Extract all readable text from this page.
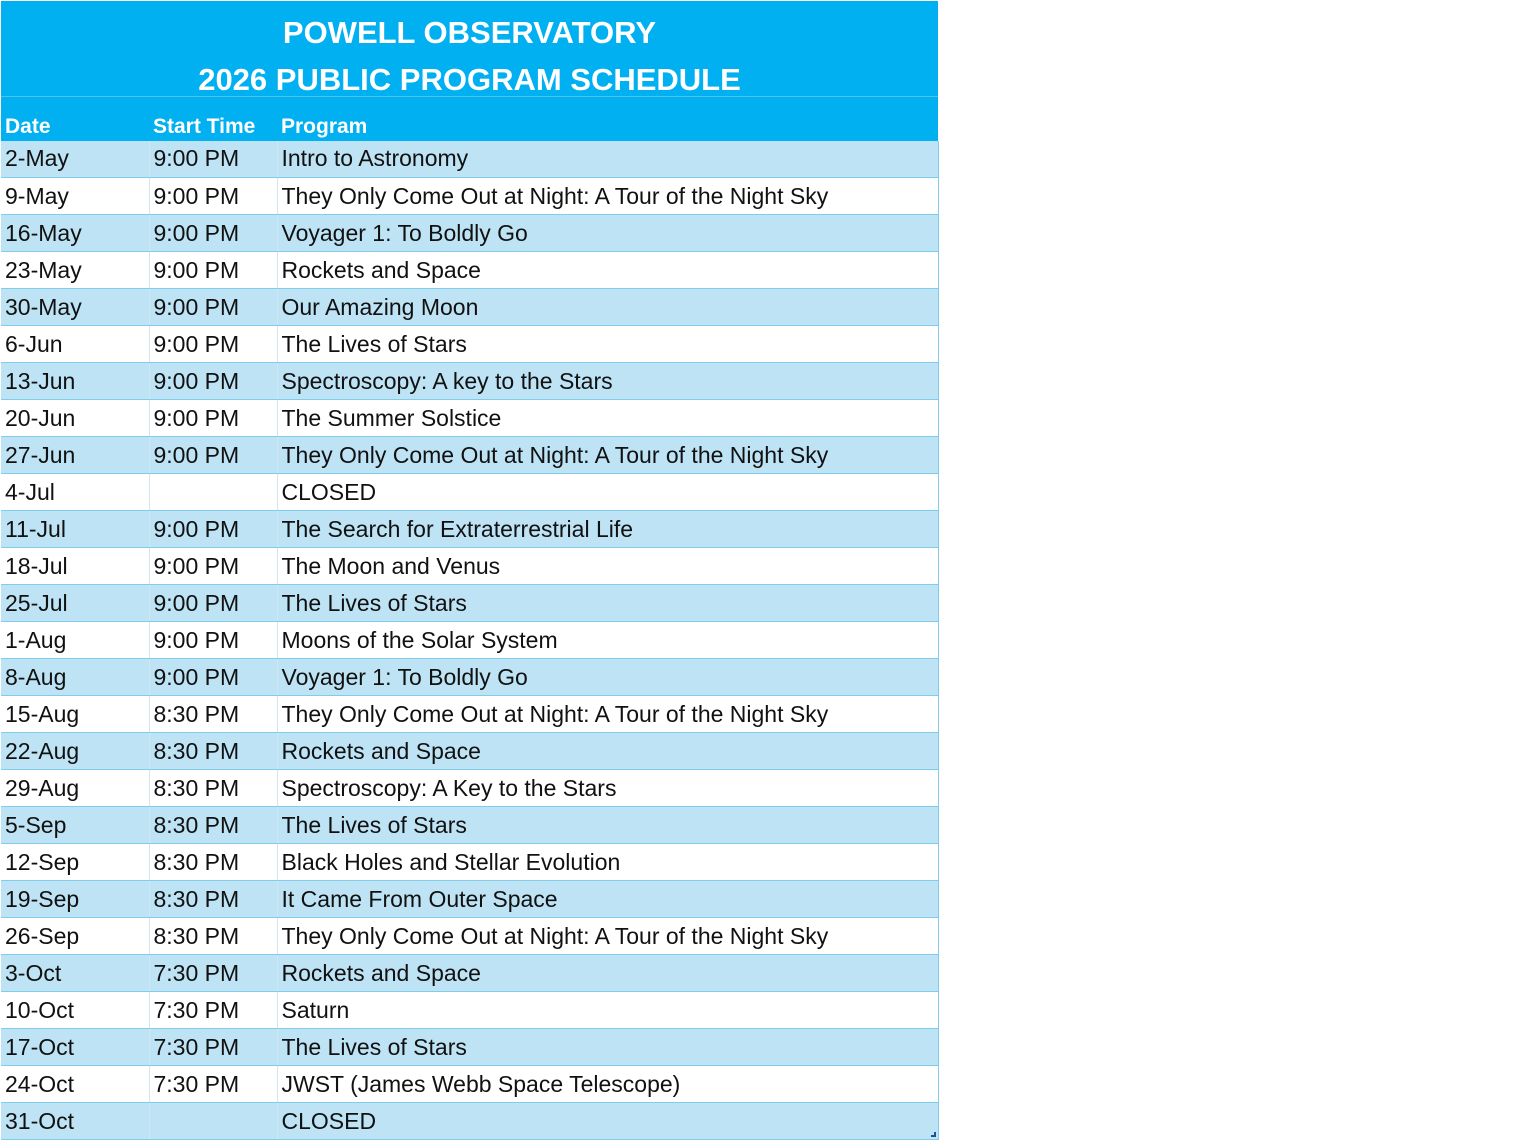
POWELL OBSERVATORY
2026 PUBLIC PROGRAM SCHEDULE
Date	Start Time	Program
2-May	9:00 PM	Intro to Astronomy
9-May	9:00 PM	They Only Come Out at Night: A Tour of the Night Sky
16-May	9:00 PM	Voyager 1: To Boldly Go
23-May	9:00 PM	Rockets and Space
30-May	9:00 PM	Our Amazing Moon
6-Jun	9:00 PM	The Lives of Stars
13-Jun	9:00 PM	Spectroscopy: A key to the Stars
20-Jun	9:00 PM	The Summer Solstice
27-Jun	9:00 PM	They Only Come Out at Night: A Tour of the Night Sky
4-Jul		CLOSED
11-Jul	9:00 PM	The Search for Extraterrestrial Life
18-Jul	9:00 PM	The Moon and Venus
25-Jul	9:00 PM	The Lives of Stars
1-Aug	9:00 PM	Moons of the Solar System
8-Aug	9:00 PM	Voyager 1: To Boldly Go
15-Aug	8:30 PM	They Only Come Out at Night: A Tour of the Night Sky
22-Aug	8:30 PM	Rockets and Space
29-Aug	8:30 PM	Spectroscopy: A Key to the Stars
5-Sep	8:30 PM	The Lives of Stars
12-Sep	8:30 PM	Black Holes and Stellar Evolution
19-Sep	8:30 PM	It Came From Outer Space
26-Sep	8:30 PM	They Only Come Out at Night: A Tour of the Night Sky
3-Oct	7:30 PM	Rockets and Space
10-Oct	7:30 PM	Saturn
17-Oct	7:30 PM	The Lives of Stars
24-Oct	7:30 PM	JWST (James Webb Space Telescope)
31-Oct		CLOSED
